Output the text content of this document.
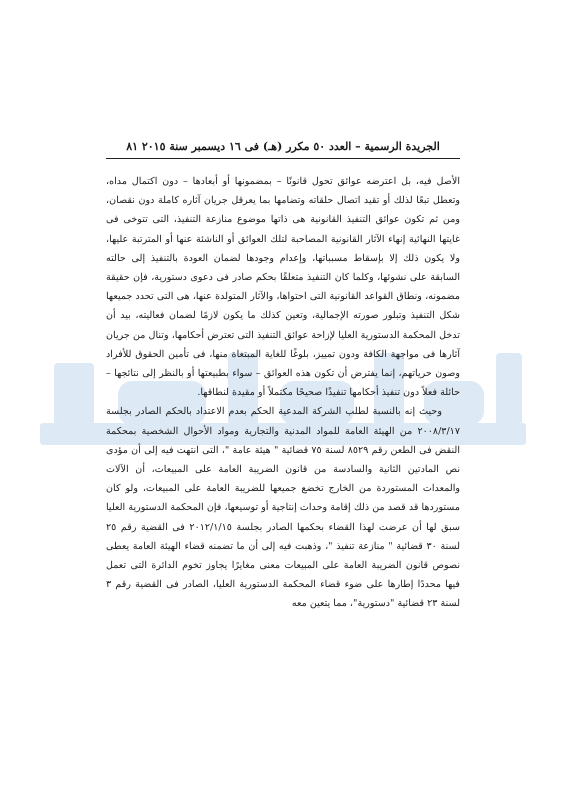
الجريدة الرسمية – العدد ٥٠ مكرر (هـ) فى ١٦ ديسمبر سنة ٢٠١٥ ٨١

الأصل فيه، بل اعترضه عوائق تحول قانونًا – بمضمونها أو أبعادها – دون اكتمال مداه، وتعطل تبعًا لذلك أو تقيد اتصال حلقاته وتضامها بما يعرقل جريان آثاره كاملة دون نقصان، ومن ثم تكون عوائق التنفيذ القانونية هى ذاتها موضوع منازعة التنفيذ، التى تتوخى فى غايتها النهائية إنهاء الآثار القانونية المصاحبة لتلك العوائق أو الناشئة عنها أو المترتبة عليها، ولا يكون ذلك إلا بإسقاط مسبباتها، وإعدام وجودها لضمان العودة بالتنفيذ إلى حالته السابقة على نشوئها، وكلما كان التنفيذ متعلقًا بحكم صادر فى دعوى دستورية، فإن حقيقة مضمونه، ونطاق القواعد القانونية التى احتواها، والآثار المتولدة عنها، هى التى تحدد جميعها شكل التنفيذ وتبلور صورته الإجمالية، وتعين كذلك ما يكون لازمًا لضمان فعاليته، بيد أن تدخل المحكمة الدستورية العليا لإزاحة عوائق التنفيذ التى تعترض أحكامها، وتنال من جريان آثارها فى مواجهة الكافة ودون تمييز، بلوغًا للغاية المبتغاة منها، فى تأمين الحقوق للأفراد وصون حرياتهم، إنما يفترض أن تكون هذه العوائق – سواء بطبيعتها أو بالنظر إلى نتائجها – حائلة فعلاً دون تنفيذ أحكامها تنفيذًا صحيحًا مكتملاً أو مقيدة لنطاقها.

وحيث إنه بالنسبة لطلب الشركة المدعية الحكم بعدم الاعتداد بالحكم الصادر بجلسة ٢٠٠٨/٣/١٧ من الهيئة العامة للمواد المدنية والتجارية ومواد الأحوال الشخصية بمحكمة النقض فى الطعن رقم ٨٥٢٩ لسنة ٧٥ قضائية " هيئة عامة "، التى انتهت فيه إلى أن مؤدى نص المادتين الثانية والسادسة من قانون الضريبة العامة على المبيعات، أن الآلات والمعدات المستوردة من الخارج تخضع جميعها للضريبة العامة على المبيعات، ولو كان مستوردها قد قصد من ذلك إقامة وحدات إنتاجية أو توسيعها، فإن المحكمة الدستورية العليا سبق لها أن عرضت لهذا القضاء بحكمها الصادر بجلسة ٢٠١٢/١/١٥ فى القضية رقم ٢٥ لسنة ٣٠ قضائية " منازعة تنفيذ "، وذهبت فيه إلى أن ما تضمنه قضاء الهيئة العامة يعطى نصوص قانون الضريبة العامة على المبيعات معنى مغايرًا يجاوز تخوم الدائرة التى تعمل فيها محددًا إطارها على ضوء قضاء المحكمة الدستورية العليا، الصادر فى القضية رقم ٣ لسنة ٢٣ قضائية "دستورية"، مما يتعين معه
